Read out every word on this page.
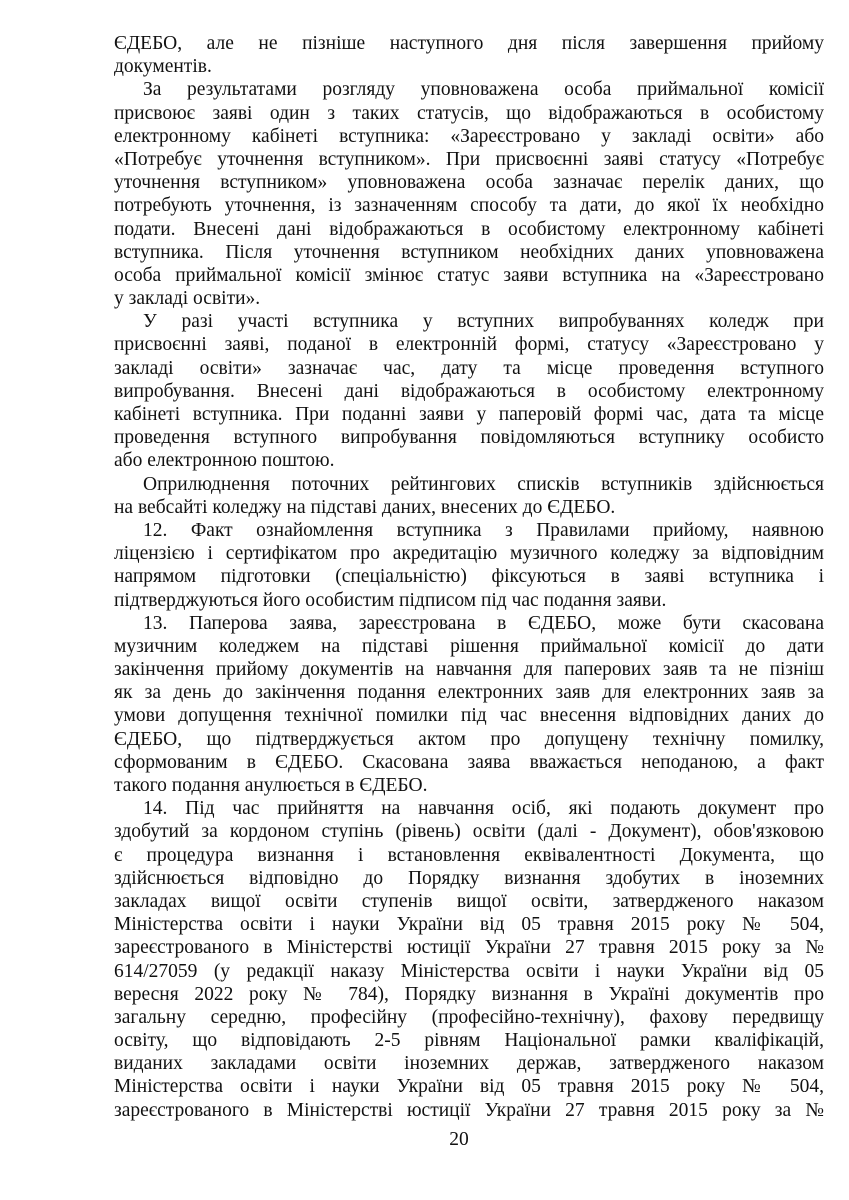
ЄДЕБО, але не пізніше наступного дня після завершення прийому
документів.
За результатами розгляду уповноважена особа приймальної комісії
присвоює заяві один з таких статусів, що відображаються в особистому
електронному кабінеті вступника: «Зареєстровано у закладі освіти» або
«Потребує уточнення вступником». При присвоєнні заяві статусу «Потребує
уточнення вступником» уповноважена особа зазначає перелік даних, що
потребують уточнення, із зазначенням способу та дати, до якої їх необхідно
подати. Внесені дані відображаються в особистому електронному кабінеті
вступника. Після уточнення вступником необхідних даних уповноважена
особа приймальної комісії змінює статус заяви вступника на «Зареєстровано
у закладі освіти».
У разі участі вступника у вступних випробуваннях коледж при
присвоєнні заяві, поданої в електронній формі, статусу «Зареєстровано у
закладі освіти» зазначає час, дату та місце проведення вступного
випробування. Внесені дані відображаються в особистому електронному
кабінеті вступника. При поданні заяви у паперовій формі час, дата та місце
проведення вступного випробування повідомляються вступнику особисто
або електронною поштою.
Оприлюднення поточних рейтингових списків вступників здійснюється
на вебсайті коледжу на підставі даних, внесених до ЄДЕБО.
12. Факт ознайомлення вступника з Правилами прийому, наявною
ліцензією і сертифікатом про акредитацію музичного коледжу за відповідним
напрямом підготовки (спеціальністю) фіксуються в заяві вступника і
підтверджуються його особистим підписом під час подання заяви.
13. Паперова заява, зареєстрована в ЄДЕБО, може бути скасована
музичним коледжем на підставі рішення приймальної комісії до дати
закінчення прийому документів на навчання для паперових заяв та не пізніш
як за день до закінчення подання електронних заяв для електронних заяв за
умови допущення технічної помилки під час внесення відповідних даних до
ЄДЕБО, що підтверджується актом про допущену технічну помилку,
сформованим в ЄДЕБО. Скасована заява вважається неподаною, а факт
такого подання анулюється в ЄДЕБО.
14. Під час прийняття на навчання осіб, які подають документ про
здобутий за кордоном ступінь (рівень) освіти (далі - Документ), обов'язковою
є процедура визнання і встановлення еквівалентності Документа, що
здійснюється відповідно до Порядку визнання здобутих в іноземних
закладах вищої освіти ступенів вищої освіти, затвердженого наказом
Міністерства освіти і науки України від 05 травня 2015 року № 504,
зареєстрованого в Міністерстві юстиції України 27 травня 2015 року за №
614/27059 (у редакції наказу Міністерства освіти і науки України від 05
вересня 2022 року № 784), Порядку визнання в Україні документів про
загальну середню, професійну (професійно-технічну), фахову передвищу
освіту, що відповідають 2-5 рівням Національної рамки кваліфікацій,
виданих закладами освіти іноземних держав, затвердженого наказом
Міністерства освіти і науки України від 05 травня 2015 року № 504,
зареєстрованого в Міністерстві юстиції України 27 травня 2015 року за №
20
